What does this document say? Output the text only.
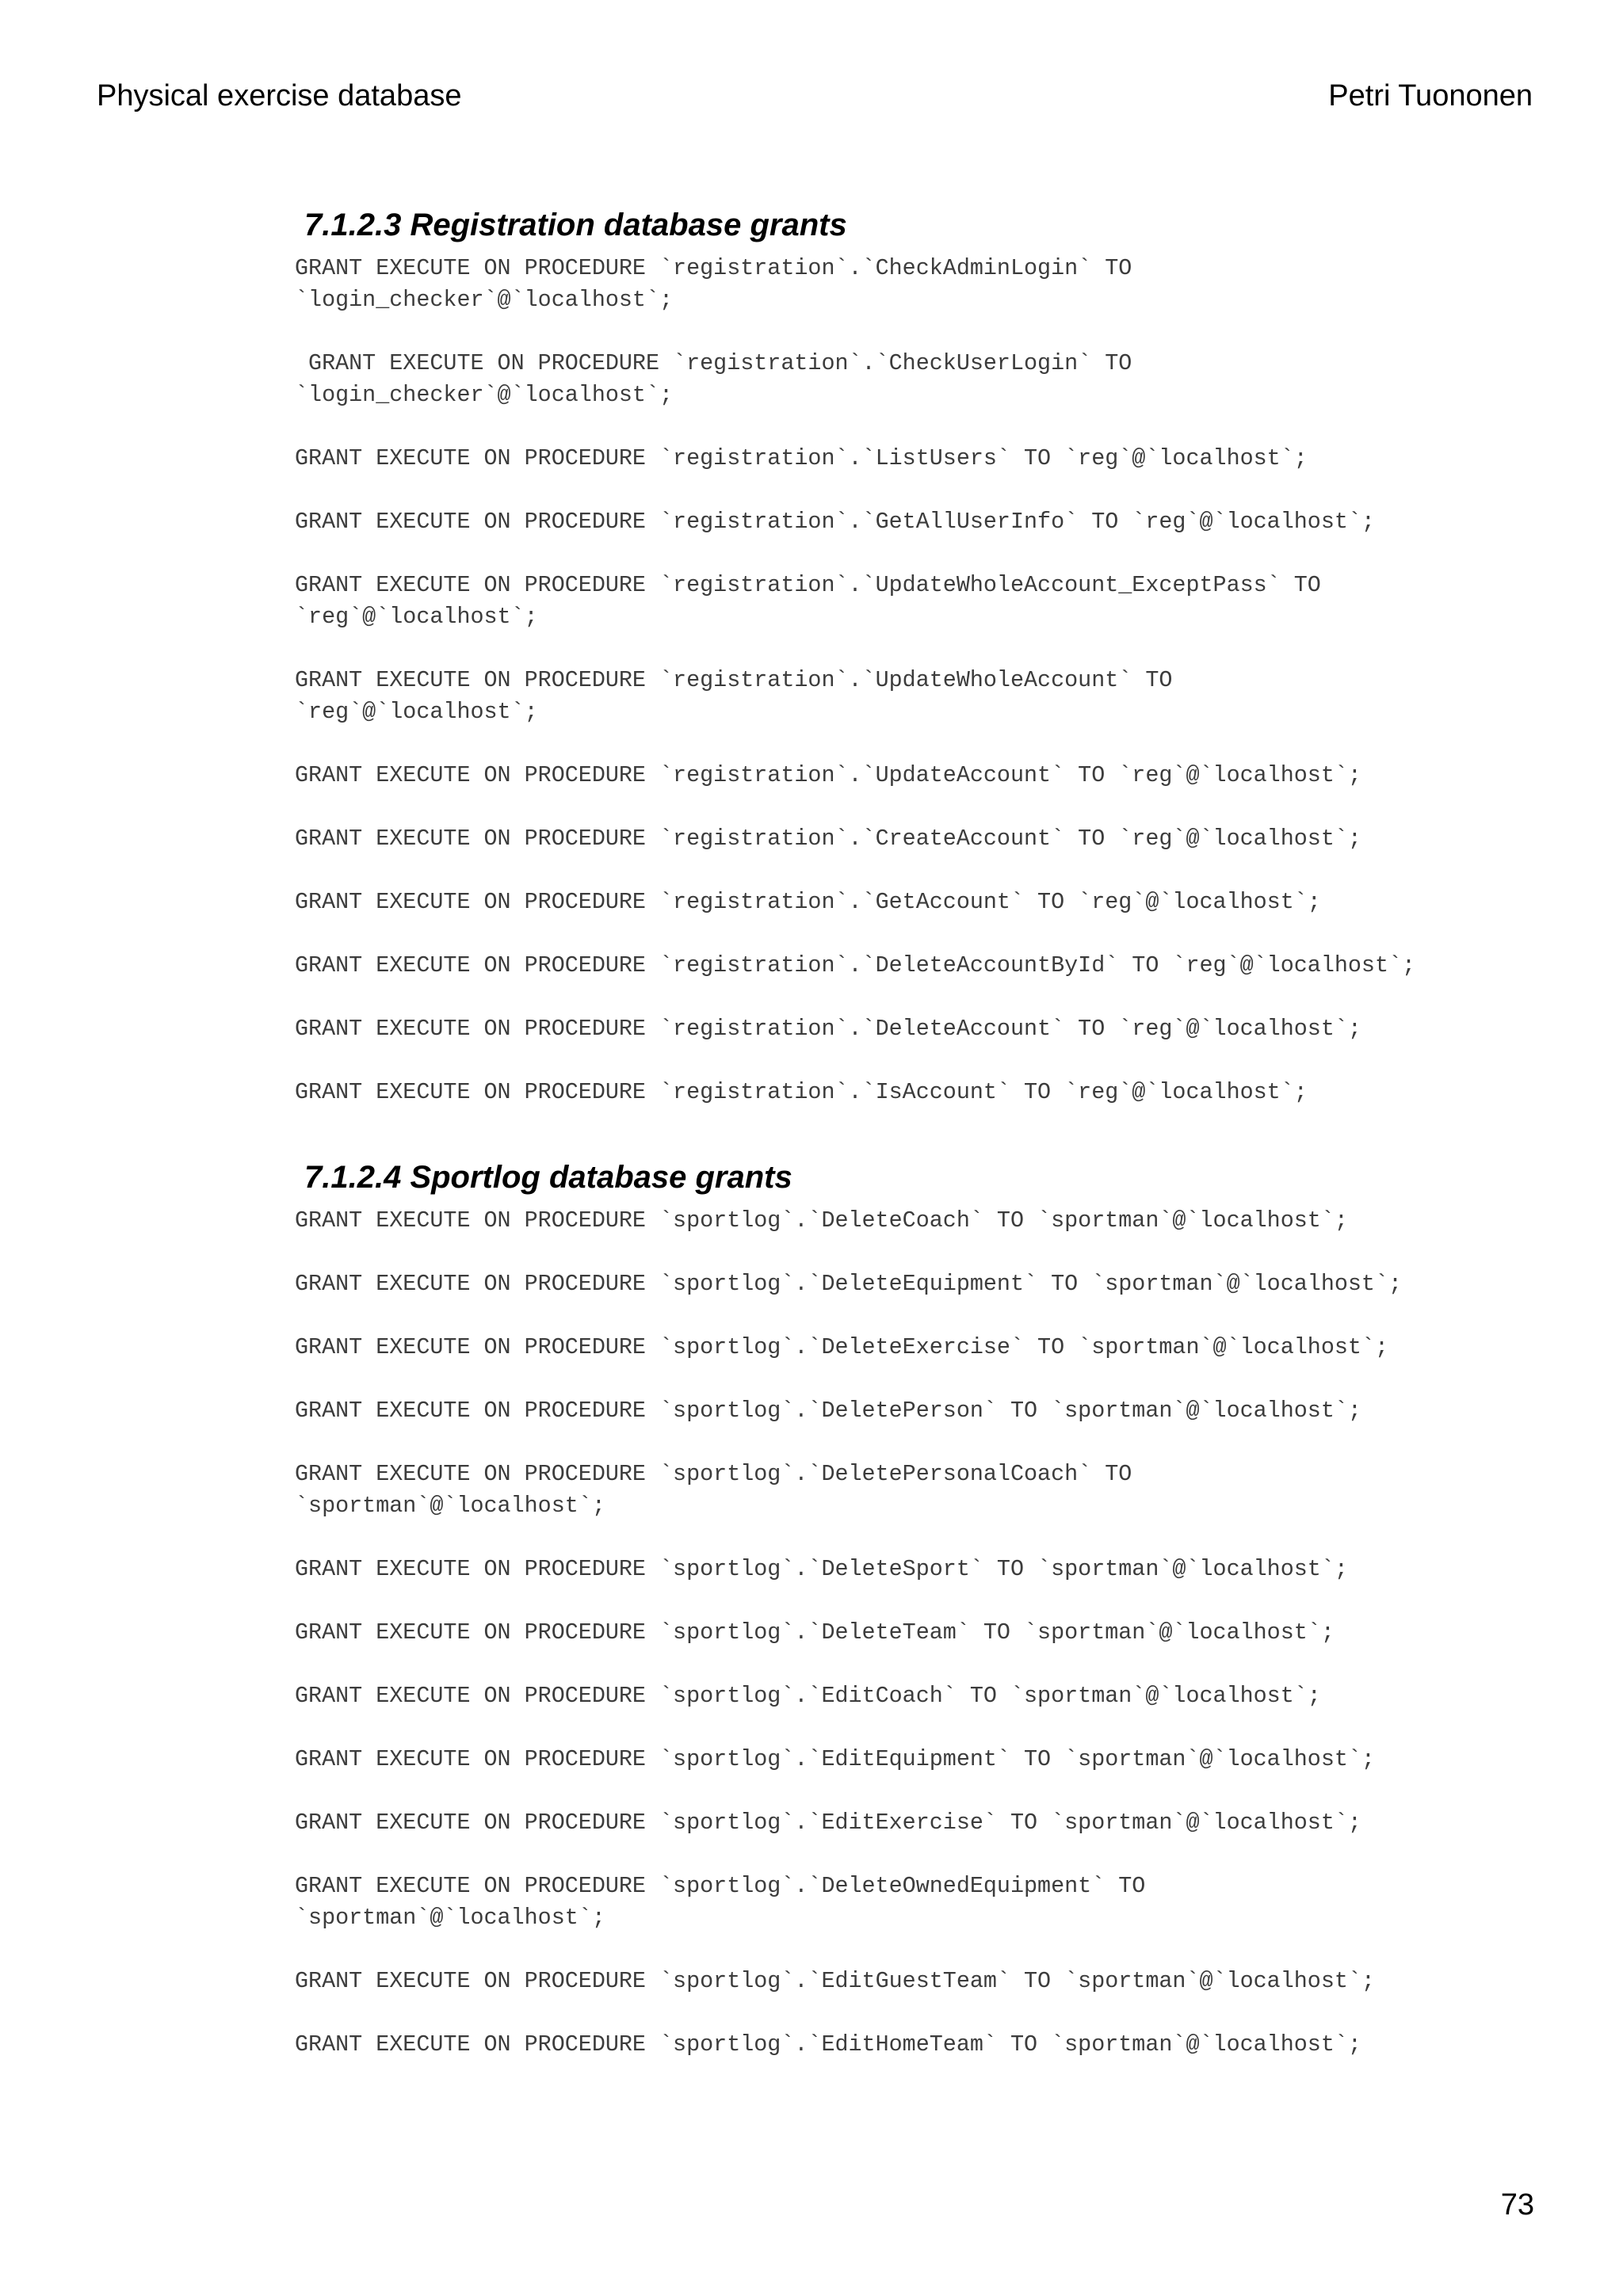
Physical exercise database	Petri Tuononen
7.1.2.3 Registration database grants
GRANT EXECUTE ON PROCEDURE `registration`.`CheckAdminLogin` TO
`login_checker`@`localhost`;
GRANT EXECUTE ON PROCEDURE `registration`.`CheckUserLogin` TO
`login_checker`@`localhost`;
GRANT EXECUTE ON PROCEDURE `registration`.`ListUsers` TO `reg`@`localhost`;
GRANT EXECUTE ON PROCEDURE `registration`.`GetAllUserInfo` TO `reg`@`localhost`;
GRANT EXECUTE ON PROCEDURE `registration`.`UpdateWholeAccount_ExceptPass` TO
`reg`@`localhost`;
GRANT EXECUTE ON PROCEDURE `registration`.`UpdateWholeAccount` TO
`reg`@`localhost`;
GRANT EXECUTE ON PROCEDURE `registration`.`UpdateAccount` TO `reg`@`localhost`;
GRANT EXECUTE ON PROCEDURE `registration`.`CreateAccount` TO `reg`@`localhost`;
GRANT EXECUTE ON PROCEDURE `registration`.`GetAccount` TO `reg`@`localhost`;
GRANT EXECUTE ON PROCEDURE `registration`.`DeleteAccountById` TO `reg`@`localhost`;
GRANT EXECUTE ON PROCEDURE `registration`.`DeleteAccount` TO `reg`@`localhost`;
GRANT EXECUTE ON PROCEDURE `registration`.`IsAccount` TO `reg`@`localhost`;
7.1.2.4 Sportlog database grants
GRANT EXECUTE ON PROCEDURE `sportlog`.`DeleteCoach` TO `sportman`@`localhost`;
GRANT EXECUTE ON PROCEDURE `sportlog`.`DeleteEquipment` TO `sportman`@`localhost`;
GRANT EXECUTE ON PROCEDURE `sportlog`.`DeleteExercise` TO `sportman`@`localhost`;
GRANT EXECUTE ON PROCEDURE `sportlog`.`DeletePerson` TO `sportman`@`localhost`;
GRANT EXECUTE ON PROCEDURE `sportlog`.`DeletePersonalCoach` TO
`sportman`@`localhost`;
GRANT EXECUTE ON PROCEDURE `sportlog`.`DeleteSport` TO `sportman`@`localhost`;
GRANT EXECUTE ON PROCEDURE `sportlog`.`DeleteTeam` TO `sportman`@`localhost`;
GRANT EXECUTE ON PROCEDURE `sportlog`.`EditCoach` TO `sportman`@`localhost`;
GRANT EXECUTE ON PROCEDURE `sportlog`.`EditEquipment` TO `sportman`@`localhost`;
GRANT EXECUTE ON PROCEDURE `sportlog`.`EditExercise` TO `sportman`@`localhost`;
GRANT EXECUTE ON PROCEDURE `sportlog`.`DeleteOwnedEquipment` TO
`sportman`@`localhost`;
GRANT EXECUTE ON PROCEDURE `sportlog`.`EditGuestTeam` TO `sportman`@`localhost`;
GRANT EXECUTE ON PROCEDURE `sportlog`.`EditHomeTeam` TO `sportman`@`localhost`;
73
